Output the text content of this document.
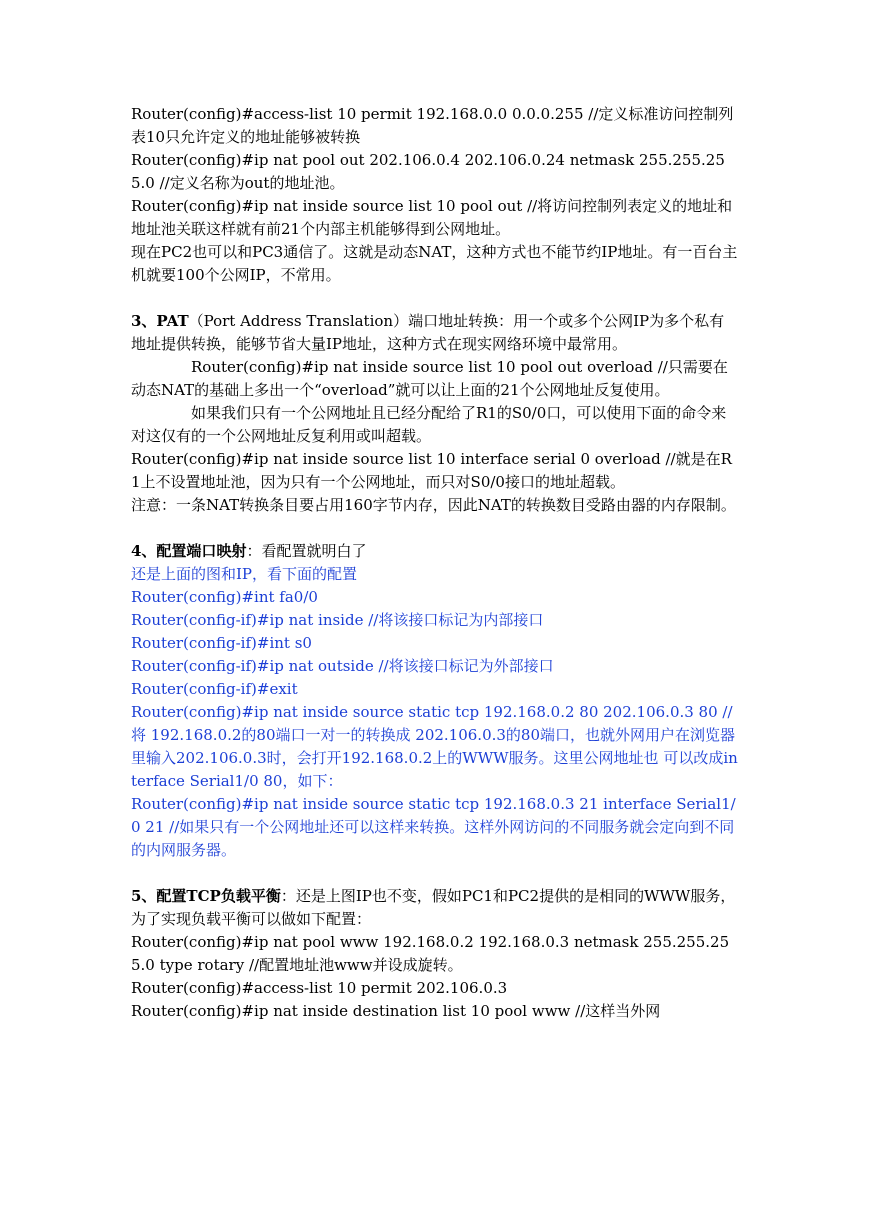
Router(config)#access-list 10 permit 192.168.0.0 0.0.0.255 //定义标准访问控制列表10只允许定义的地址能够被转换

Router(config)#ip nat pool out 202.106.0.4 202.106.0.24 netmask 255.255.255.0 //定义名称为out的地址池。

Router(config)#ip nat inside source list 10 pool out //将访问控制列表定义的地址和地址池关联这样就有前21个内部主机能够得到公网地址。

现在PC2也可以和PC3通信了。这就是动态NAT，这种方式也不能节约IP地址。有一百台主机就要100个公网IP，不常用。

3、PAT（Port Address Translation）端口地址转换：用一个或多个公网IP为多个私有地址提供转换，能够节省大量IP地址，这种方式在现实网络环境中最常用。

Router(config)#ip nat inside source list 10 pool out overload //只需要在动态NAT的基础上多出一个“overload”就可以让上面的21个公网地址反复使用。

如果我们只有一个公网地址且已经分配给了R1的S0/0口，可以使用下面的命令来对这仅有的一个公网地址反复利用或叫超载。

Router(config)#ip nat inside source list 10 interface serial 0 overload //就是在R1上不设置地址池，因为只有一个公网地址，而只对S0/0接口的地址超载。

注意：一条NAT转换条目要占用160字节内存，因此NAT的转换数目受路由器的内存限制。

4、配置端口映射：看配置就明白了

还是上面的图和IP，看下面的配置

Router(config)#int fa0/0

Router(config-if)#ip nat inside //将该接口标记为内部接口

Router(config-if)#int s0

Router(config-if)#ip nat outside //将该接口标记为外部接口

Router(config-if)#exit

Router(config)#ip nat inside source static tcp 192.168.0.2 80 202.106.0.3 80 //将 192.168.0.2的80端口一对一的转换成 202.106.0.3的80端口，也就外网用户在浏览器里输入202.106.0.3时，会打开192.168.0.2上的WWW服务。这里公网地址也 可以改成interface Serial1/0 80，如下：

Router(config)#ip nat inside source static tcp 192.168.0.3 21 interface Serial1/0 21 //如果只有一个公网地址还可以这样来转换。这样外网访问的不同服务就会定向到不同的内网服务器。

5、配置TCP负载平衡：还是上图IP也不变，假如PC1和PC2提供的是相同的WWW服务，为了实现负载平衡可以做如下配置：

Router(config)#ip nat pool www 192.168.0.2 192.168.0.3 netmask 255.255.255.0 type rotary //配置地址池www并设成旋转。

Router(config)#access-list 10 permit 202.106.0.3

Router(config)#ip nat inside destination list 10 pool www //这样当外网
